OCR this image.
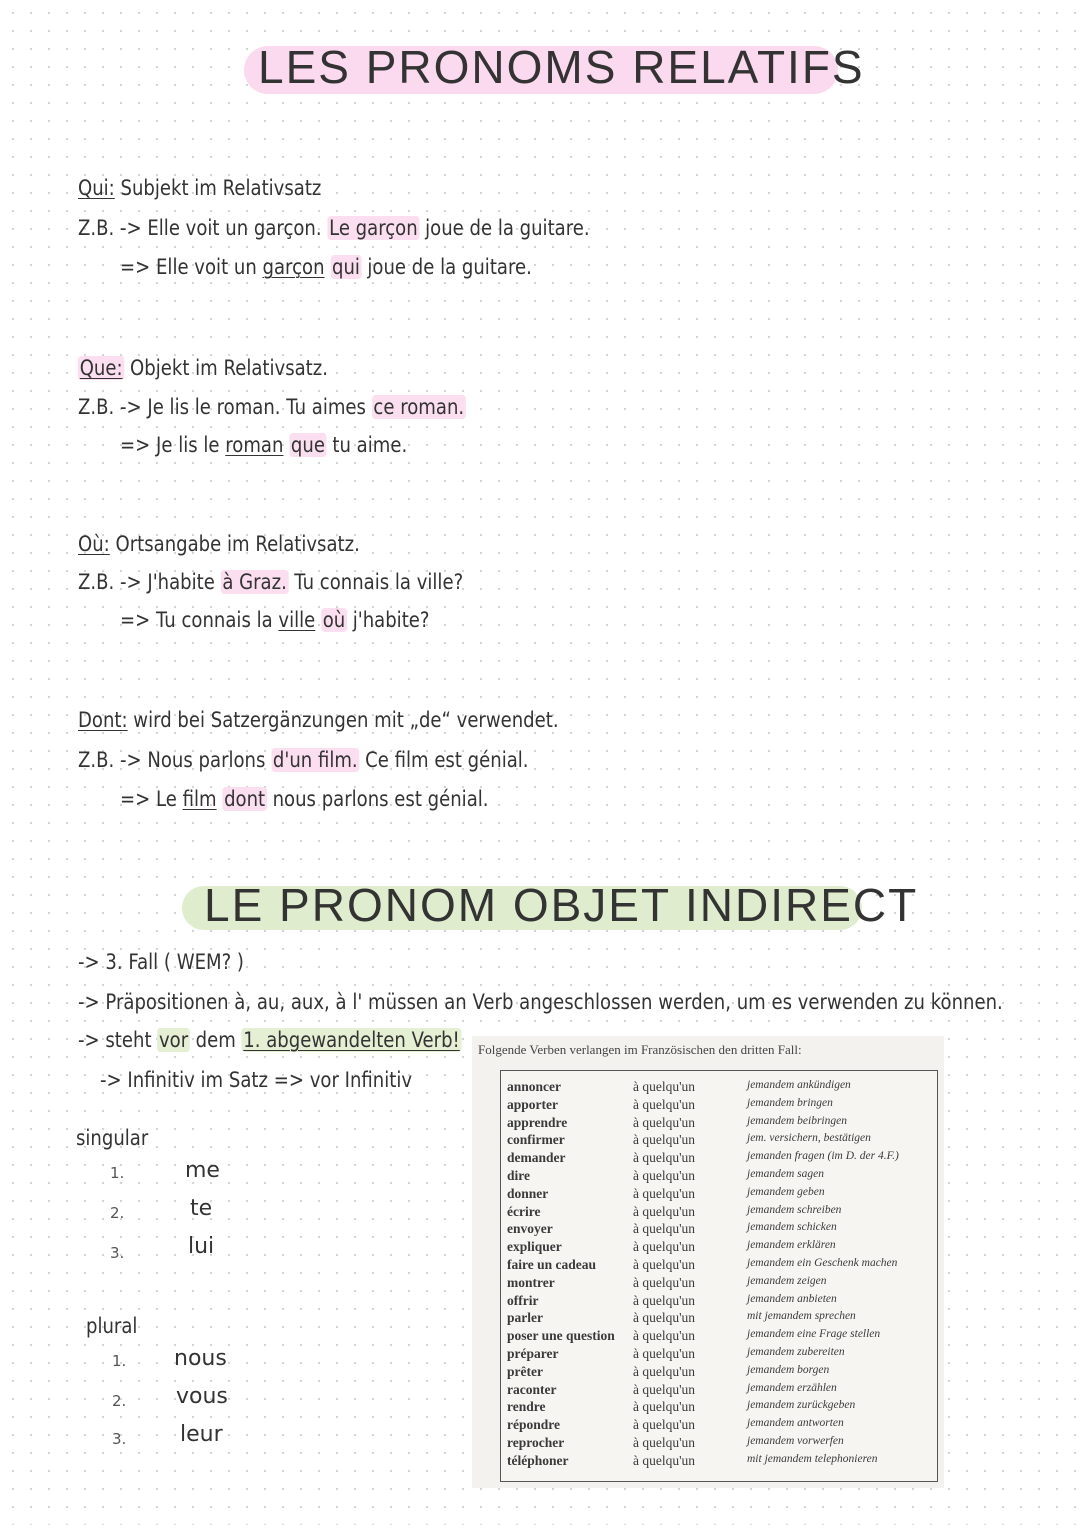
LES PRONOMS RELATIFS
Qui: Subjekt im Relativsatz
Z.B. -> Elle voit un garçon. Le garçon joue de la guitare.
=> Elle voit un garçon qui joue de la guitare.
Que: Objekt im Relativsatz.
Z.B. -> Je lis le roman. Tu aimes ce roman.
=> Je lis le roman que tu aime.
Où: Ortsangabe im Relativsatz.
Z.B. -> J'habite à Graz. Tu connais la ville?
=> Tu connais la ville où j'habite?
Dont: wird bei Satzergänzungen mit „de“ verwendet.
Z.B. -> Nous parlons d'un film. Ce film est génial.
=> Le film dont nous parlons est génial.
LE PRONOM OBJET INDIRECT
-> 3. Fall ( WEM? )
-> Präpositionen à, au, aux, à l' müssen an Verb angeschlossen werden, um es verwenden zu können.
-> steht vor dem 1. abgewandelten Verb!
-> Infinitiv im Satz => vor Infinitiv
singular
1.	me
2.	te
3.	lui
plural
1. nous
2. vous
3. leur
Folgende Verben verlangen im Französischen den dritten Fall:
annoncer	à quelqu'un	jemandem ankündigen
apporter	à quelqu'un	jemandem bringen
apprendre	à quelqu'un	jemandem beibringen
confirmer	à quelqu'un	jem. versichern, bestätigen
demander	à quelqu'un	jemanden fragen (im D. der 4.F.)
dire	à quelqu'un	jemandem sagen
donner	à quelqu'un	jemandem geben
écrire	à quelqu'un	jemandem schreiben
envoyer	à quelqu'un	jemandem schicken
expliquer	à quelqu'un	jemandem erklären
faire un cadeau	à quelqu'un	jemandem ein Geschenk machen
montrer	à quelqu'un	jemandem zeigen
offrir	à quelqu'un	jemandem anbieten
parler	à quelqu'un	mit jemandem sprechen
poser une question à quelqu'un	jemandem eine Frage stellen
préparer	à quelqu'un	jemandem zubereiten
prêter	à quelqu'un	jemandem borgen
raconter	à quelqu'un	jemandem erzählen
rendre	à quelqu'un	jemandem zurückgeben
répondre	à quelqu'un	jemandem antworten
reprocher	à quelqu'un	jemandem vorwerfen
téléphoner	à quelqu'un	mit jemandem telephonieren
